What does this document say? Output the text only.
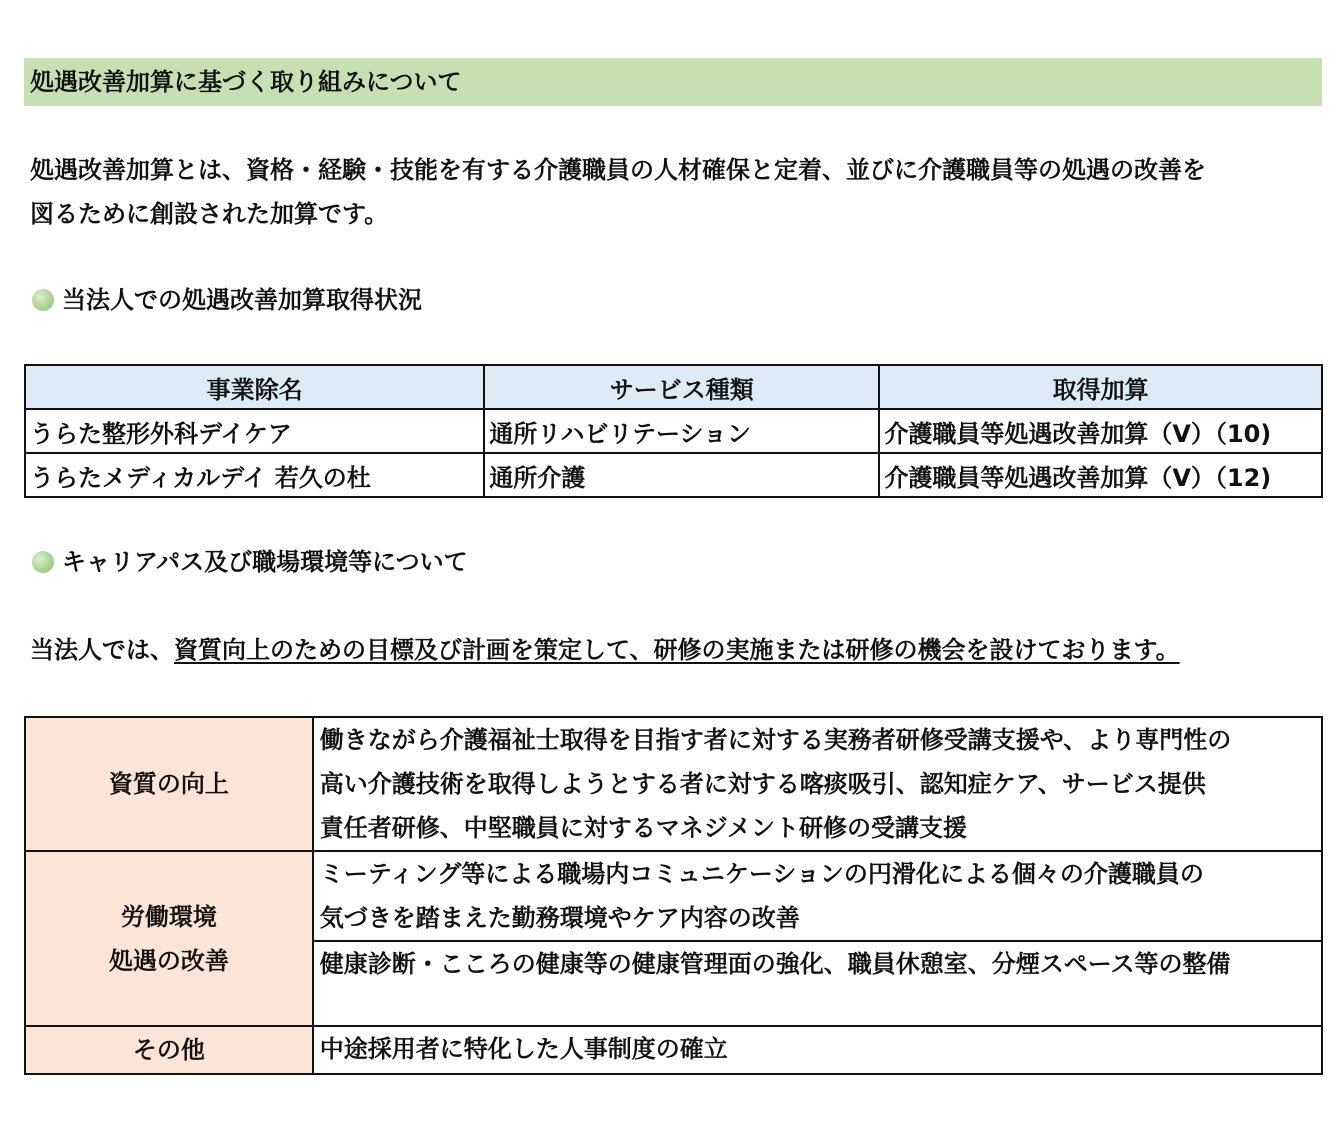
処遇改善加算に基づく取り組みについて
処遇改善加算とは、資格・経験・技能を有する介護職員の人材確保と定着、並びに介護職員等の処遇の改善を
図るために創設された加算です。
当法人での処遇改善加算取得状況
事業除名	サービス種類	取得加算
うらた整形外科デイケア	通所リハビリテーション	介護職員等処遇改善加算（V）（10)
うらたメディカルデイ 若久の杜	通所介護	介護職員等処遇改善加算（V）（12)
キャリアパス及び職場環境等について
当法人では、資質向上のための目標及び計画を策定して、研修の実施または研修の機会を設けております。
資質の向上	働きながら介護福祉士取得を目指す者に対する実務者研修受講支援や、より専門性の
高い介護技術を取得しようとする者に対する喀痰吸引、認知症ケア、サービス提供
責任者研修、中堅職員に対するマネジメント研修の受講支援

労働環境
処遇の改善	ミーティング等による職場内コミュニケーションの円滑化による個々の介護職員の
気づきを踏まえた勤務環境やケア内容の改善

	健康診断・こころの健康等の健康管理面の強化、職員休憩室、分煙スペース等の整備

その他	中途採用者に特化した人事制度の確立
